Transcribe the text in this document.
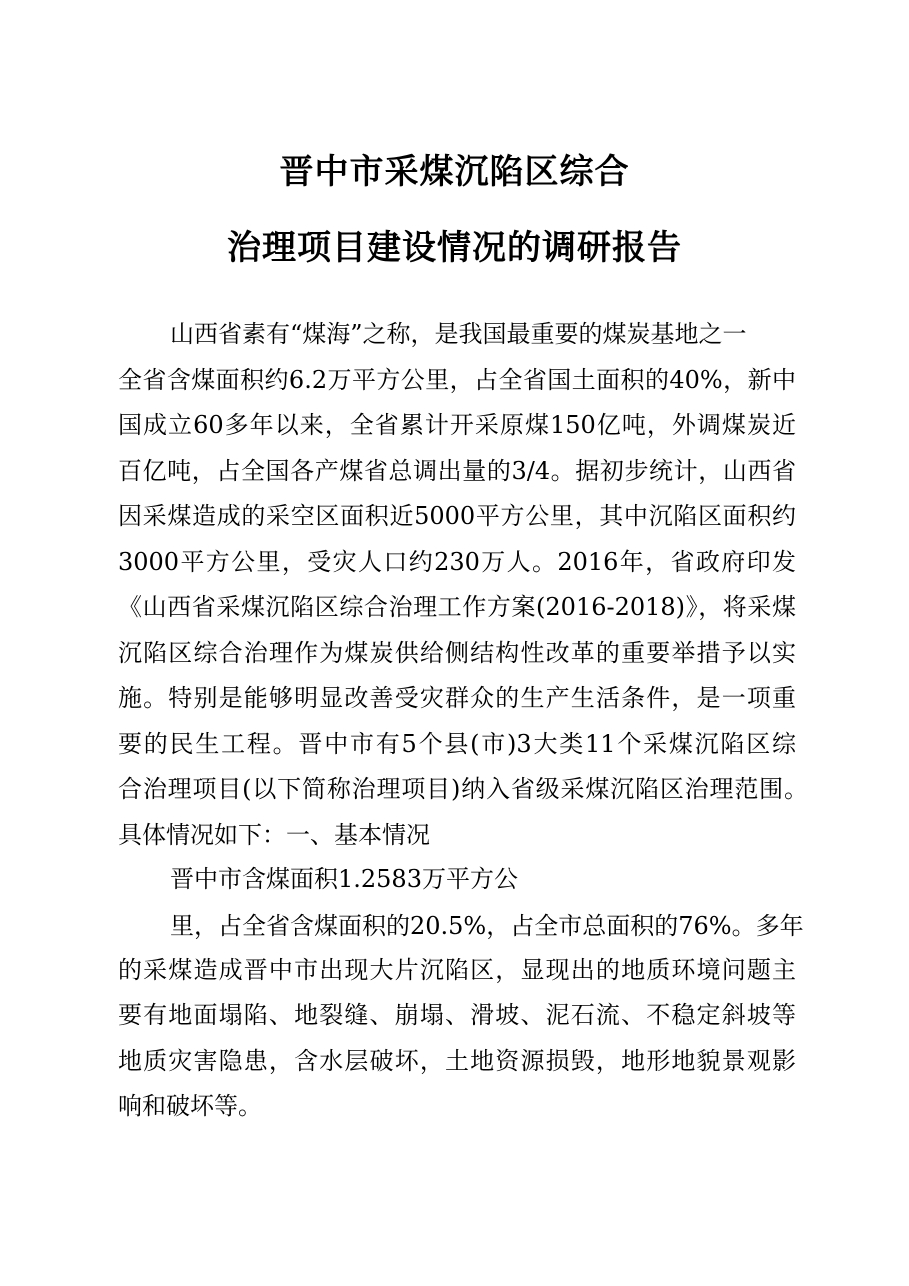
晋中市采煤沉陷区综合
治理项目建设情况的调研报告
山西省素有“煤海”之称，是我国最重要的煤炭基地之一
全省含煤面积约6.2万平方公里，占全省国土面积的40%，新中
国成立60多年以来，全省累计开采原煤150亿吨，外调煤炭近
百亿吨，占全国各产煤省总调出量的3/4。据初步统计，山西省
因采煤造成的采空区面积近5000平方公里，其中沉陷区面积约
3000平方公里，受灾人口约230万人。2016年，省政府印发
《山西省采煤沉陷区综合治理工作方案(2016-2018)》，将采煤
沉陷区综合治理作为煤炭供给侧结构性改革的重要举措予以实
施。特别是能够明显改善受灾群众的生产生活条件，是一项重
要的民生工程。晋中市有5个县(市)3大类11个采煤沉陷区综
合治理项目(以下简称治理项目)纳入省级采煤沉陷区治理范围。
具体情况如下：一、基本情况
晋中市含煤面积1.2583万平方公
里，占全省含煤面积的20.5%，占全市总面积的76%。多年
的采煤造成晋中市出现大片沉陷区，显现出的地质环境问题主
要有地面塌陷、地裂缝、崩塌、滑坡、泥石流、不稳定斜坡等
地质灾害隐患，含水层破坏，土地资源损毁，地形地貌景观影
响和破坏等。
